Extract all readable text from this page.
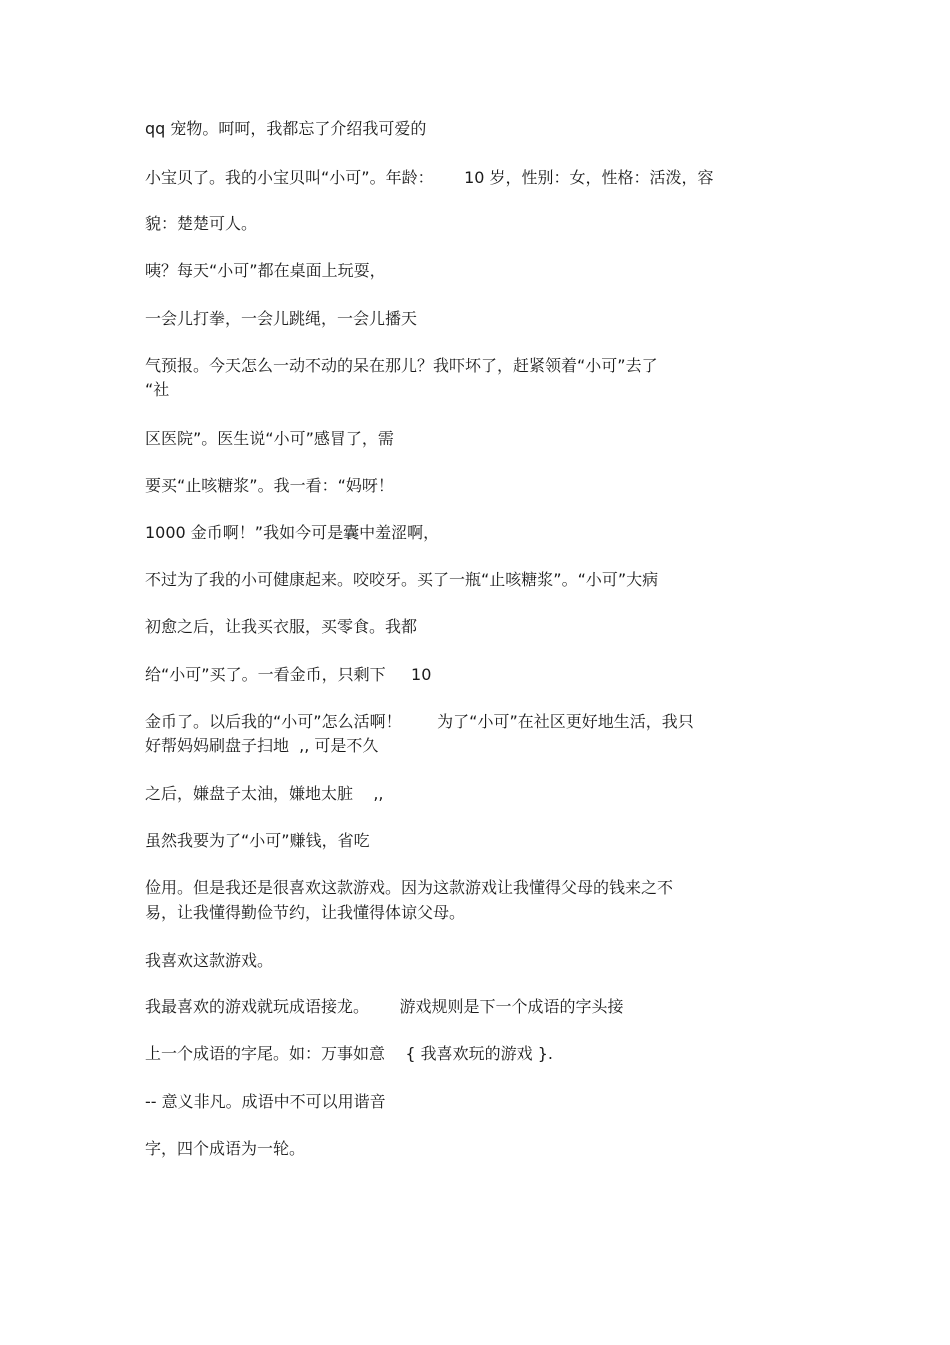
qq 宠物。呵呵，我都忘了介绍我可爱的

小宝贝了。我的小宝贝叫“小可”。年龄：      10 岁，性别：女，性格：活泼，容

貌：楚楚可人。

咦？每天“小可”都在桌面上玩耍，

一会儿打拳，一会儿跳绳，一会儿播天

气预报。今天怎么一动不动的呆在那儿？我吓坏了，赶紧领着“小可”去了

“社

区医院”。医生说“小可”感冒了，需

要买“止咳糖浆”。我一看：“妈呀！

1000 金币啊！”我如今可是囊中羞涩啊，

不过为了我的小可健康起来。咬咬牙。买了一瓶“止咳糖浆”。“小可”大病

初愈之后，让我买衣服，买零食。我都

给“小可”买了。一看金币，只剩下     10

金币了。以后我的“小可”怎么活啊！       为了“小可”在社区更好地生活，我只

好帮妈妈刷盘子扫地  ,, 可是不久

之后，嫌盘子太油，嫌地太脏    ,,

虽然我要为了“小可”赚钱，省吃

俭用。但是我还是很喜欢这款游戏。因为这款游戏让我懂得父母的钱来之不

易，让我懂得勤俭节约，让我懂得体谅父母。

我喜欢这款游戏。

我最喜欢的游戏就玩成语接龙。      游戏规则是下一个成语的字头接

上一个成语的字尾。如：万事如意    { 我喜欢玩的游戏 }.

-- 意义非凡。成语中不可以用谐音

字，四个成语为一轮。
